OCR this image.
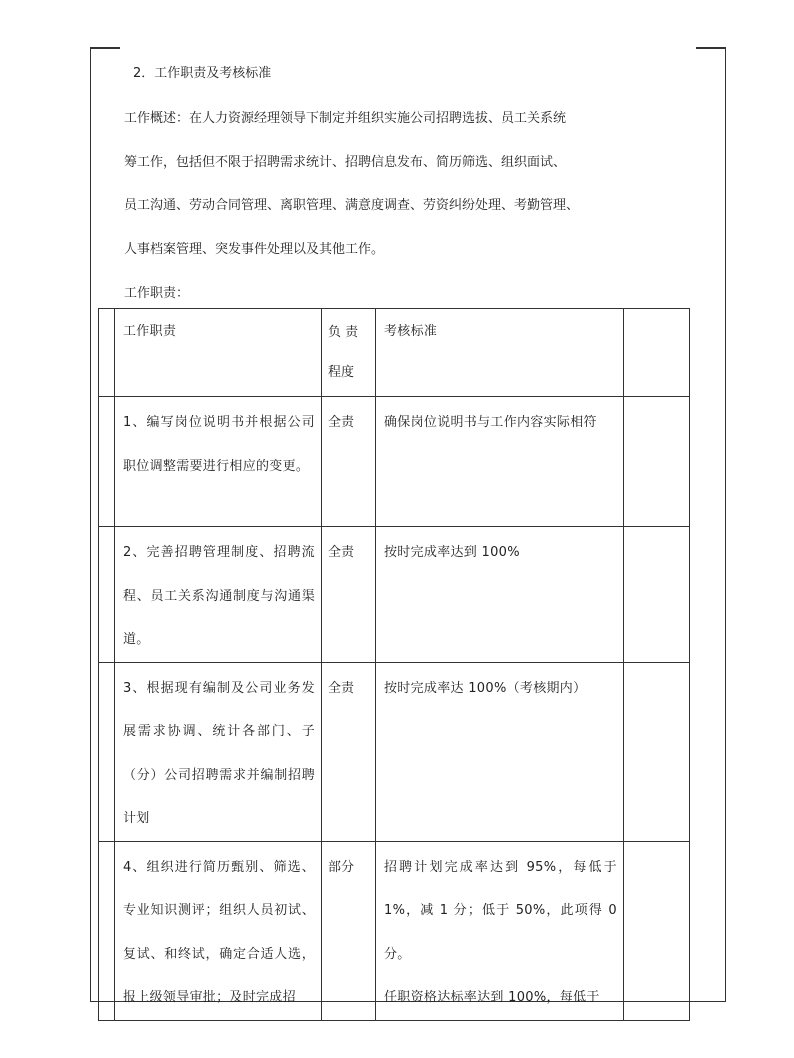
2．工作职责及考核标准
工作概述：在人力资源经理领导下制定并组织实施公司招聘选拔、员工关系统
筹工作，包括但不限于招聘需求统计、招聘信息发布、简历筛选、组织面试、
员工沟通、劳动合同管理、离职管理、满意度调查、劳资纠纷处理、考勤管理、
人事档案管理、突发事件处理以及其他工作。
工作职责：

	工作职责	负 责程度	考核标准	

	1、编写岗位说明书并根据公司职位调整需要进行相应的变更。	全责	确保岗位说明书与工作内容实际相符	

	2、完善招聘管理制度、招聘流程、员工关系沟通制度与沟通渠道。	全责	按时完成率达到 100%	

	3、根据现有编制及公司业务发展需求协调、统计各部门、子（分）公司招聘需求并编制招聘计划	全责	按时完成率达 100%（考核期内）	

	4、组织进行简历甄别、筛选、专业知识测评；组织人员初试、复试、和终试，确定合适人选，报上级领导审批；及时完成招	部分	招聘计划完成率达到 95%，每低于1%，减 1 分；低于 50%，此项得 0分。
任职资格达标率达到 100%，每低于	
